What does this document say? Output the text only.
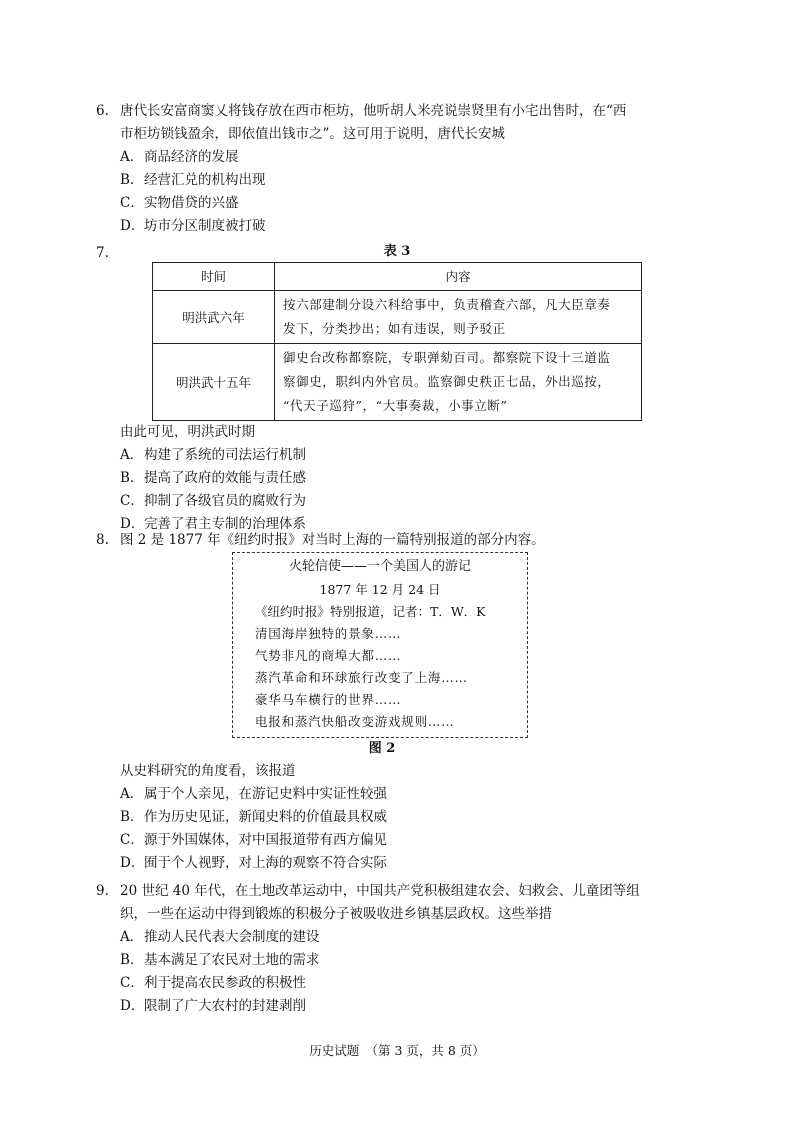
6. 唐代长安富商窦乂将钱存放在西市柜坊，他听胡人米亮说崇贤里有小宅出售时，在“西
市柜坊锁钱盈余，即依值出钱市之”。这可用于说明，唐代长安城
A．商品经济的发展
B．经营汇兑的机构出现
C．实物借贷的兴盛
D．坊市分区制度被打破
7.	表 3
时间	内容
明洪武六年	按六部建制分设六科给事中，负责稽查六部，凡大臣章奏
发下，分类抄出；如有违误，则予驳正

明洪武十五年	御史台改称都察院，专职弹劾百司。都察院下设十三道监
察御史，职纠内外官员。监察御史秩正七品，外出巡按，
“代天子巡狩”，“大事奏裁，小事立断”
由此可见，明洪武时期
A．构建了系统的司法运行机制
B．提高了政府的效能与责任感
C．抑制了各级官员的腐败行为
D．完善了君主专制的治理体系
8. 图 2 是 1877 年《纽约时报》对当时上海的一篇特别报道的部分内容。
火轮信使——一个美国人的游记
1877 年 12 月 24 日
《纽约时报》特别报道，记者：T．W．K
清国海岸独特的景象……
气势非凡的商埠大都……
蒸汽革命和环球旅行改变了上海……
豪华马车横行的世界……
电报和蒸汽快船改变游戏规则……
图 2
从史料研究的角度看，该报道
A．属于个人亲见，在游记史料中实证性较强
B．作为历史见证，新闻史料的价值最具权威
C．源于外国媒体，对中国报道带有西方偏见
D．囿于个人视野，对上海的观察不符合实际
9. 20 世纪 40 年代，在土地改革运动中，中国共产党积极组建农会、妇救会、儿童团等组
织，一些在运动中得到锻炼的积极分子被吸收进乡镇基层政权。这些举措
A．推动人民代表大会制度的建设
B．基本满足了农民对土地的需求
C．利于提高农民参政的积极性
D．限制了广大农村的封建剥削
历史试题　（第 3 页，共 8 页）
